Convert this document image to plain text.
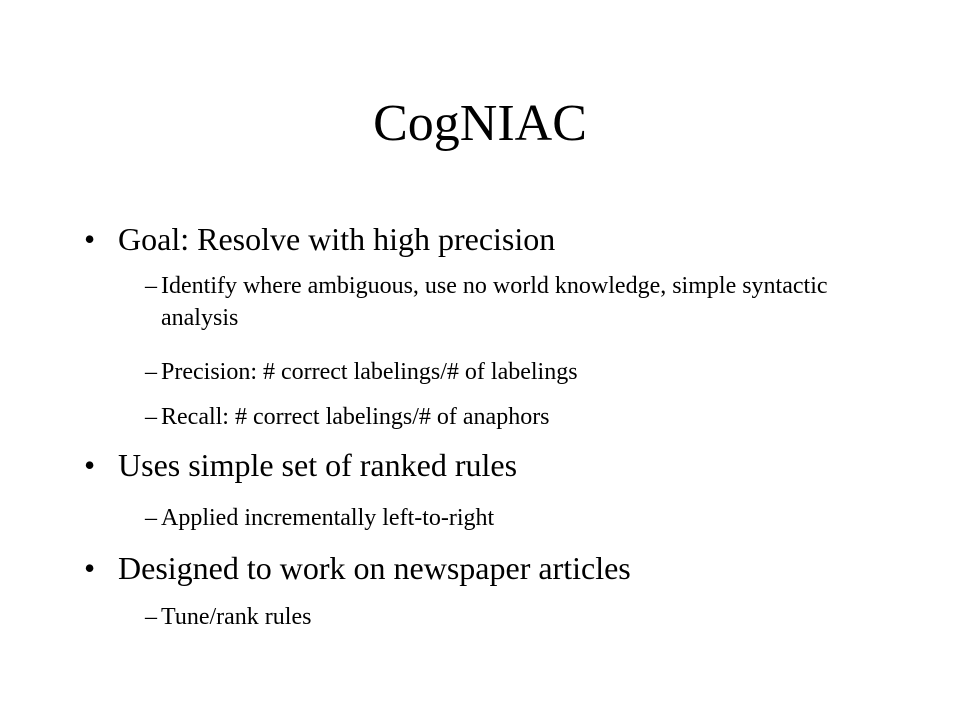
CogNIAC
• Goal: Resolve with high precision
– Identify where ambiguous, use no world knowledge, simple syntactic analysis
– Precision: # correct labelings/# of labelings
– Recall: # correct labelings/# of anaphors
• Uses simple set of ranked rules
– Applied incrementally left-to-right
• Designed to work on newspaper articles
– Tune/rank rules
